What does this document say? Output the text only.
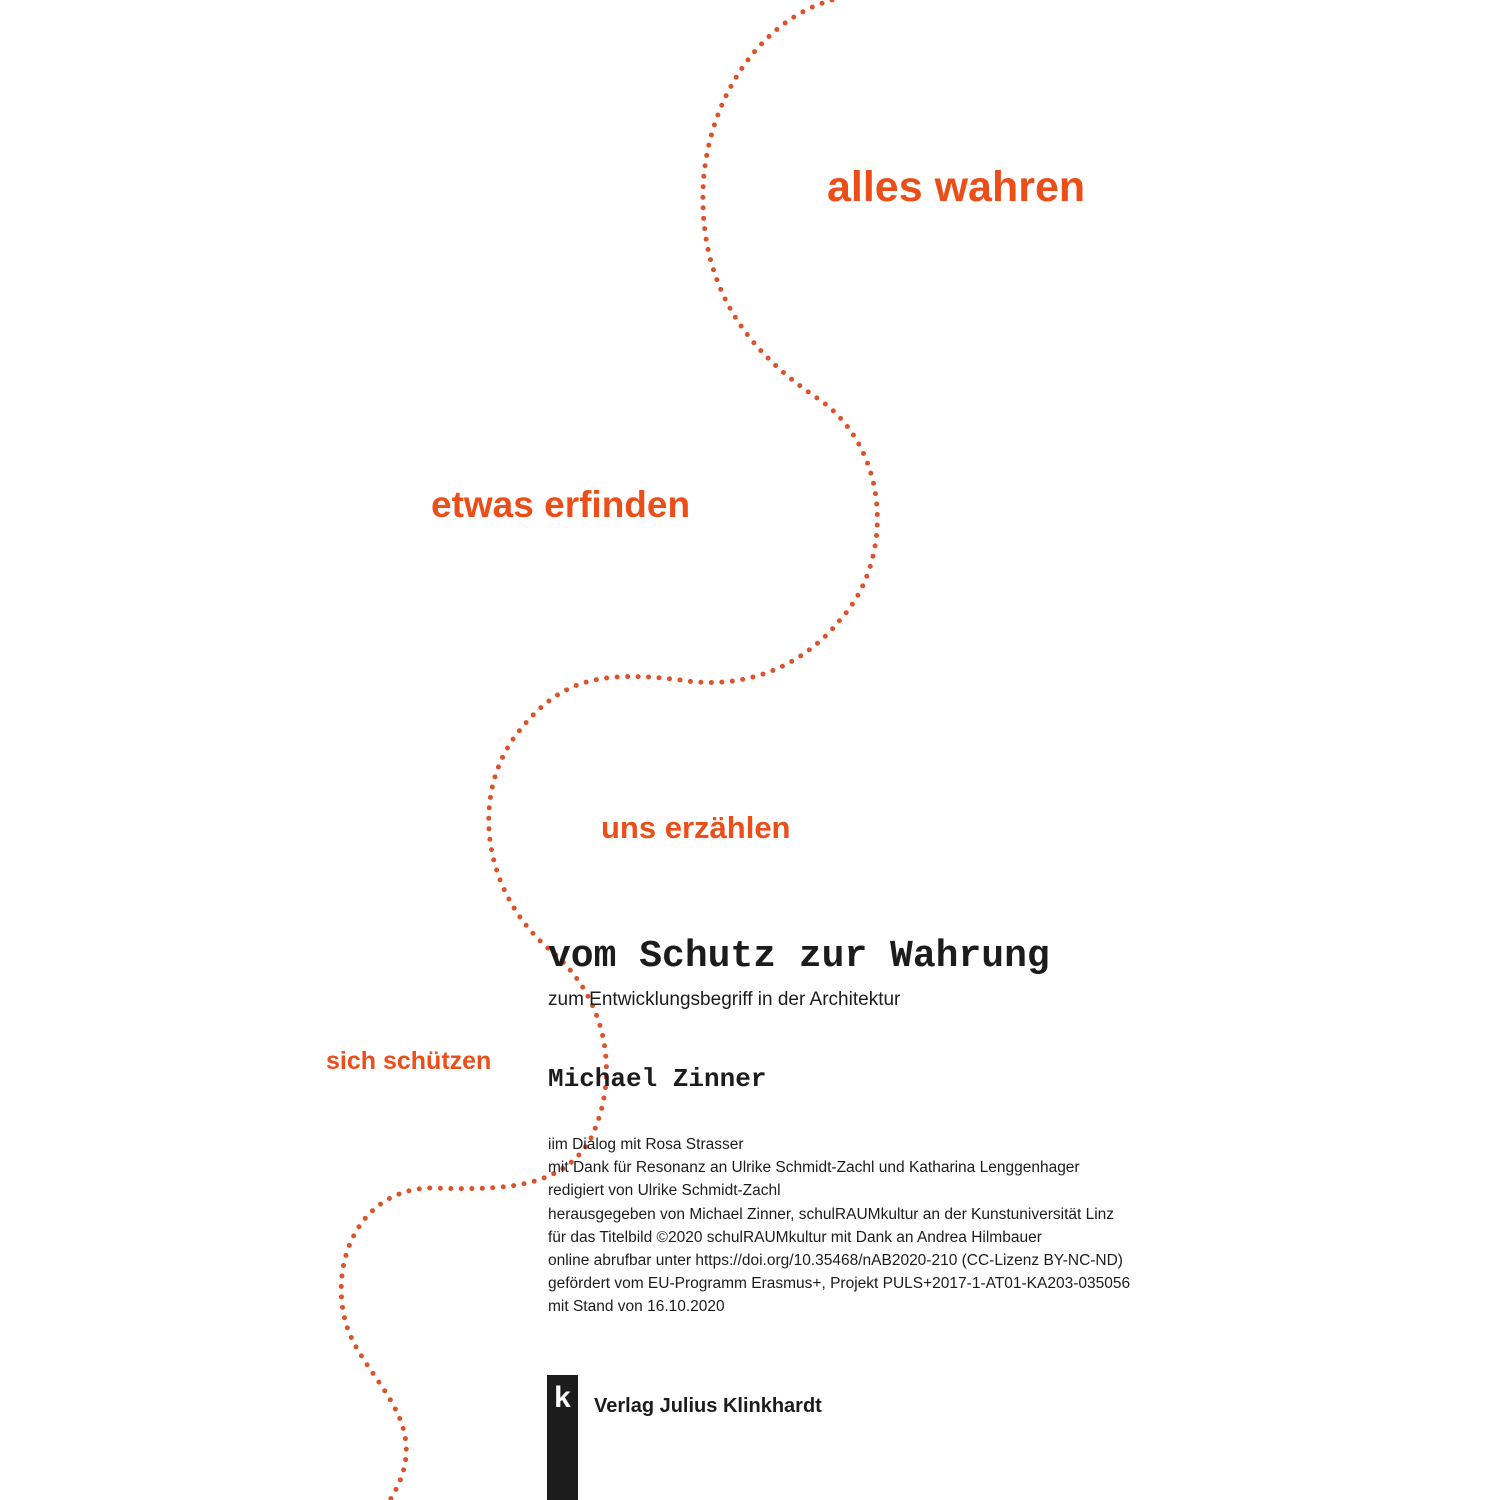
alles wahren
etwas erfinden
uns erzählen
sich schützen
vom Schutz zur Wahrung
zum Entwicklungsbegriff in der Architektur
Michael Zinner
iim Dialog mit Rosa Strasser
mit Dank für Resonanz an Ulrike Schmidt-Zachl und Katharina Lenggenhager
redigiert von Ulrike Schmidt-Zachl
herausgegeben von Michael Zinner, schulRAUMkultur an der Kunstuniversität Linz
für das Titelbild ©2020 schulRAUMkultur mit Dank an Andrea Hilmbauer
online abrufbar unter https://doi.org/10.35468/nAB2020-210 (CC-Lizenz BY-NC-ND)
gefördert vom EU-Programm Erasmus+, Projekt PULS+2017-1-AT01-KA203-035056
mit Stand von 16.10.2020
k	Verlag Julius Klinkhardt
